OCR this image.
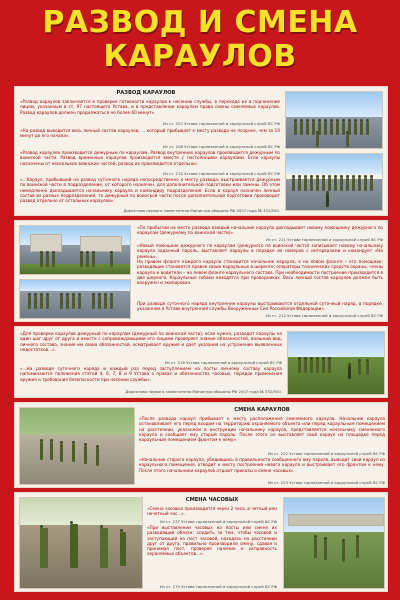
РАЗВОД И СМЕНА
КАРАУЛОВ
РАЗВОД КАРАУЛОВ
«Развод караулов заключается в проверке готовности караулов к несению службы, в переходе их в подчинение лицам, указанным в ст. 97 настоящего Устава, и в представлении караулам права смены сменяемых караулов. Развод караулов должен продолжаться не более 60 минут».
Из ст. 207 Устава гарнизонной и караульной служб ВС РФ
«На развод выводится весь личный состав караулов, ... который прибывает к месту развода не позднее, чем за 10 минут до его начала».
Из ст. 208 Устава гарнизонной и караульной служб ВС РФ
«Развод караулов производится дежурным по караулам. Развод внутренних караулов производится дежурным по воинской части. Развод временных караулов производится вместе с постоянными караулами. Если караулы назначены от нескольких воинских частей, развод их производится отдельно».
Из ст. 210 Устава гарнизонной и караульной служб ВС РФ
«...Караул, прибывший на развод суточного наряда непосредственно к месту развода, выстраивается дежурным по воинской части в подразделение, от которого назначен, для дополнительной подготовки или замены. Об этом немедленно докладывается начальнику караула и командиру подразделения. Если в караул назначен личный состав из разных подразделений, то дежурный по воинской части после дополнительной подготовки производит развод отдельно от остальных караулов».
Директива первого заместителя Министра обороны РФ 2007 года № 332/500.
«По прибытии на место развода каждый начальник караула докладывает новому помощнику дежурного по караулам (дежурному по воинской части)».
Из ст. 211 Устава гарнизонной и караульной служб ВС РФ
«Новый помощник дежурного по караулам (дежурного по воинской части) записывает новому начальнику караула заданный пароль, выставляет караулы в порядке их номеров с интервалами и командует «На ремень».
На правом фланге каждого караула становится начальник караула, а на левом фланге – его помощник; разводящие становятся правее своих караульных в шеренге; операторы технических средств охраны, члены караула и водители – на левом фланге караульного состава. При необходимости построение производится в две шеренги. Караульные собаки находятся при проводниках. Весь личный состав караулов должен быть вооружен и экипирован.
При разводе суточного наряда внутренние караулы выстраиваются отдельной суточный наряд, в порядке, указанном в Уставе внутренней службы Вооруженных Сил Российской Федерации».
Из ст. 212 Устава гарнизонной и караульной служб ВС РФ
«Для проверки караулов дежурный по караулам (дежурный по воинской части), если нужно, разводит караулы на один шаг друг от друга и вместе с сопровождающими его лицами проверяет знание обязанностей, внешний вид, личного состава, знание им своих обязанностей, осматривает оружие и дает указания на устранение выявленных недостатков...».
Из ст. 216 Устава гарнизонной и караульной служб ВС РФ
«...На разводе суточного наряда и каждый раз перед заступлением на посты личному составу караула напоминаются положения статей 4, 6, 7, 8 и 9 Устава о правах и обязанностях часовых, порядок применения оружия и требования безопасности при несении службы».
Директива первого заместителя Министра обороны РФ 2007 года № 332/500.
СМЕНА КАРАУЛОВ
«После развода караул прибывает к месту расположения сменяемого караула. Начальник караула останавливает его перед входом на территорию охраняемого объекта или перед караульным помещением на расстоянии, указанном в инструкции начальнику караула, представляется начальнику сменяемого караула и сообщает ему старый пароль. После этого он выставляет свой караул на площадке перед караульным помещением фронтом к нему».
Из ст. 222 Устава гарнизонной и караульной служб ВС РФ
«Начальник старого караула, убедившись в правильности сообщенного ему пароля, выводит свой караул из караульного помещения, отводит к месту построения нового караула и выстраивает его фронтом к нему. После этого начальники караулов отдают приказы о смене часовых».
Из ст. 223 Устава гарнизонной и караульной служб ВС РФ
СМЕНА ЧАСОВЫХ
«Смена часовых производится через 2 часа, в четный или нечетный час...».
Из ст. 237 Устава гарнизонной и караульной служб ВС РФ
«При выставлении часовых на посты или смене их разводящий обязан: следить за тем, чтобы часовой и заступающий на пост часовой, находясь на расстоянии друг от друга, правильно производили смену, сдавая и принимая пост, проверяя наличие и исправность охраняемых объектов...».
Из ст. 179 Устава гарнизонной и караульной служб ВС РФ
